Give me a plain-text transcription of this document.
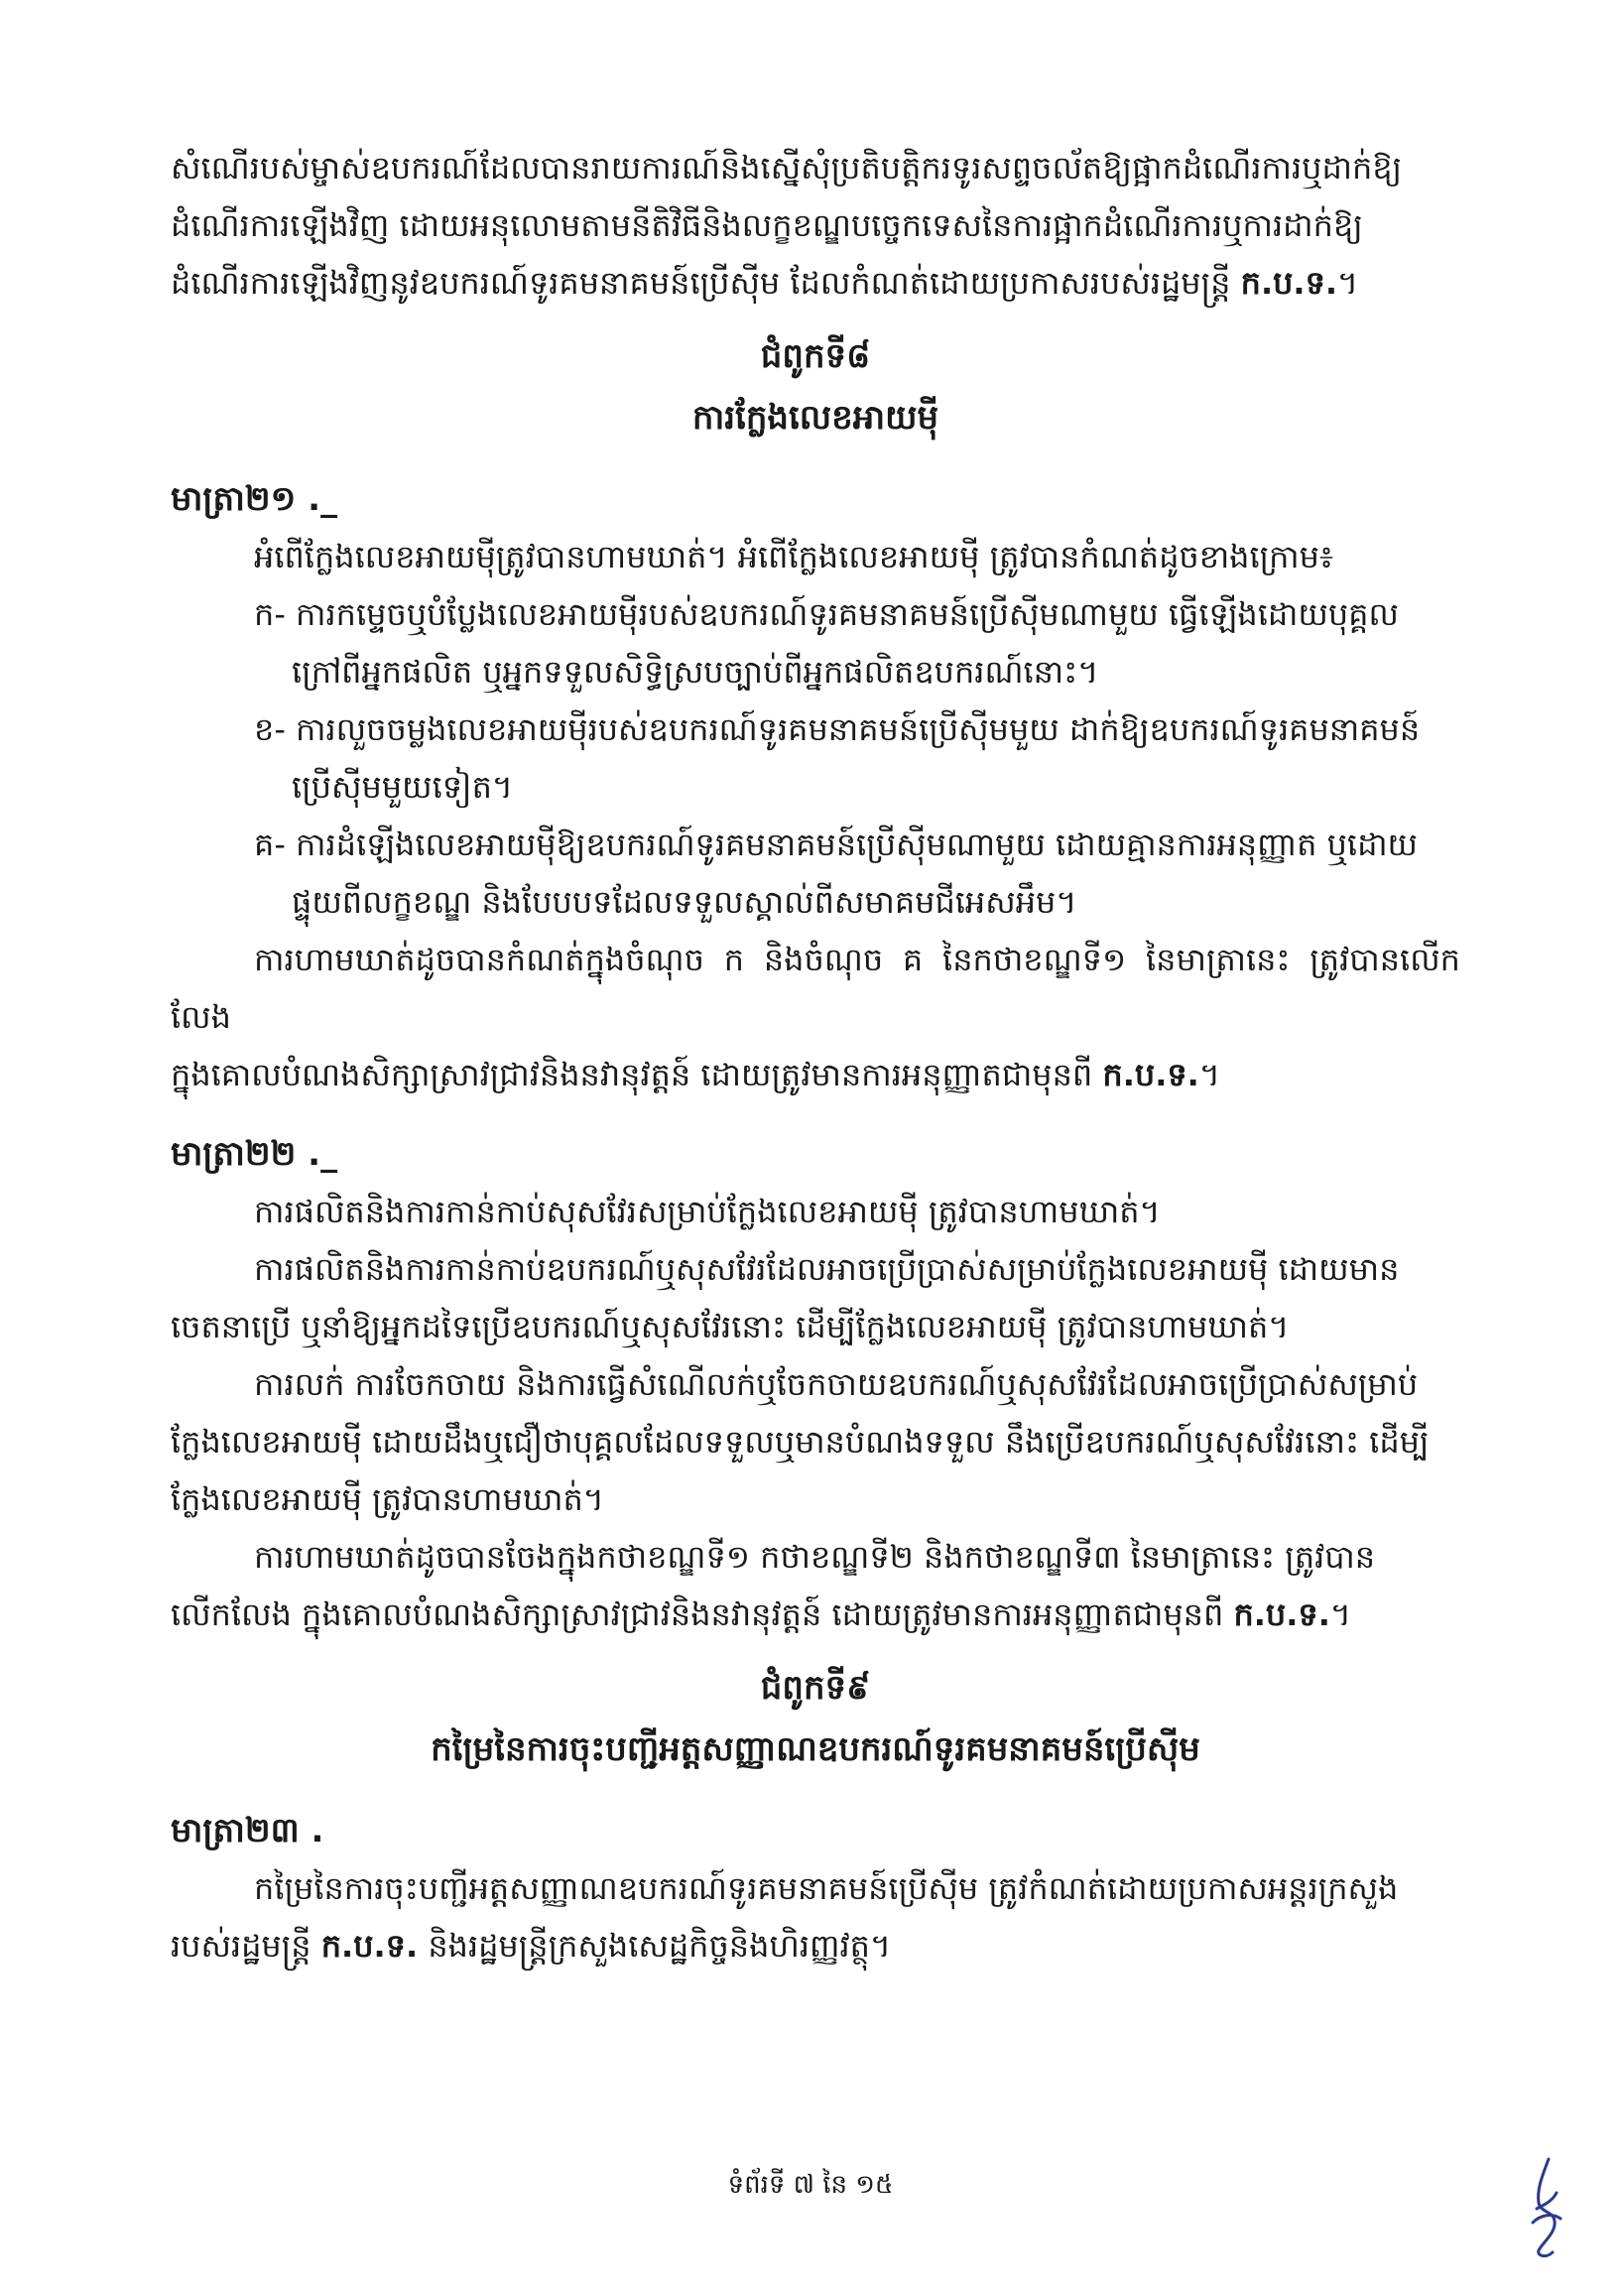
សំណើរបស់ម្ចាស់ឧបករណ៍ដែលបានរាយការណ៍និងស្នើសុំប្រតិបត្តិករទូរសព្ទចល័តឱ្យផ្អាកដំណើរការឬដាក់ឱ្យ

ដំណើរការឡើងវិញ ដោយអនុលោមតាមនីតិវិធីនិងលក្ខខណ្ឌបច្ចេកទេសនៃការផ្អាកដំណើរការឬការដាក់ឱ្យ

ដំណើរការឡើងវិញនូវឧបករណ៍ទូរគមនាគមន៍ប្រើស៊ីម ដែលកំណត់ដោយប្រកាសរបស់រដ្ឋមន្ត្រី ក.ប.ទ.។

ជំពូកទី៨
ការក្លែងលេខអាយម៉ី
មាត្រា២១ ._

អំពើក្លែងលេខអាយម៉ីត្រូវបានហាមឃាត់។ អំពើក្លែងលេខអាយម៉ី ត្រូវបានកំណត់ដូចខាងក្រោម៖

ក- ការកម្ទេចឬបំប្លែងលេខអាយម៉ីរបស់ឧបករណ៍ទូរគមនាគមន៍ប្រើស៊ីមណាមួយ ធ្វើឡើងដោយបុគ្គល

ក្រៅពីអ្នកផលិត ឬអ្នកទទួលសិទ្ធិស្របច្បាប់ពីអ្នកផលិតឧបករណ៍នោះ។

ខ- ការលួចចម្លងលេខអាយម៉ីរបស់ឧបករណ៍ទូរគមនាគមន៍ប្រើស៊ីមមួយ ដាក់ឱ្យឧបករណ៍ទូរគមនាគមន៍

ប្រើស៊ីមមួយទៀត។

គ- ការដំឡើងលេខអាយម៉ីឱ្យឧបករណ៍ទូរគមនាគមន៍ប្រើស៊ីមណាមួយ ដោយគ្មានការអនុញ្ញាត ឬដោយ

ផ្ទុយពីលក្ខខណ្ឌ និងបែបបទដែលទទួលស្គាល់ពីសមាគមជីអេសអឹម។

ការហាមឃាត់ដូចបានកំណត់ក្នុងចំណុច ក និងចំណុច គ នៃកថាខណ្ឌទី១ នៃមាត្រានេះ ត្រូវបានលើកលែង

ក្នុងគោលបំណងសិក្សាស្រាវជ្រាវនិងនវានុវត្តន៍ ដោយត្រូវមានការអនុញ្ញាតជាមុនពី ក.ប.ទ.។

មាត្រា២២ ._

ការផលិតនិងការកាន់កាប់សុសវែរសម្រាប់ក្លែងលេខអាយម៉ី ត្រូវបានហាមឃាត់។

ការផលិតនិងការកាន់កាប់ឧបករណ៍ឬសុសវែរដែលអាចប្រើប្រាស់សម្រាប់ក្លែងលេខអាយម៉ី ដោយមាន

ចេតនាប្រើ ឬនាំឱ្យអ្នកដទៃប្រើឧបករណ៍ឬសុសវែរនោះ ដើម្បីក្លែងលេខអាយម៉ី ត្រូវបានហាមឃាត់។

ការលក់ ការចែកចាយ និងការធ្វើសំណើលក់ឬចែកចាយឧបករណ៍ឬសុសវែរដែលអាចប្រើប្រាស់សម្រាប់

ក្លែងលេខអាយម៉ី ដោយដឹងឬជឿថាបុគ្គលដែលទទួលឬមានបំណងទទួល នឹងប្រើឧបករណ៍ឬសុសវែរនោះ ដើម្បី

ក្លែងលេខអាយម៉ី ត្រូវបានហាមឃាត់។

ការហាមឃាត់ដូចបានចែងក្នុងកថាខណ្ឌទី១ កថាខណ្ឌទី២ និងកថាខណ្ឌទី៣ នៃមាត្រានេះ ត្រូវបាន

លើកលែង ក្នុងគោលបំណងសិក្សាស្រាវជ្រាវនិងនវានុវត្តន៍ ដោយត្រូវមានការអនុញ្ញាតជាមុនពី ក.ប.ទ.។

ជំពូកទី៩
កម្រៃនៃការចុះបញ្ជីអត្តសញ្ញាណឧបករណ៍ទូរគមនាគមន៍ប្រើស៊ីម
មាត្រា២៣ .

កម្រៃនៃការចុះបញ្ជីអត្តសញ្ញាណឧបករណ៍ទូរគមនាគមន៍ប្រើស៊ីម ត្រូវកំណត់ដោយប្រកាសអន្តរក្រសួង

របស់រដ្ឋមន្ត្រី ក.ប.ទ. និងរដ្ឋមន្ត្រីក្រសួងសេដ្ឋកិច្ចនិងហិរញ្ញវត្ថុ។

ទំព័រទី ៧ នៃ ១៥
